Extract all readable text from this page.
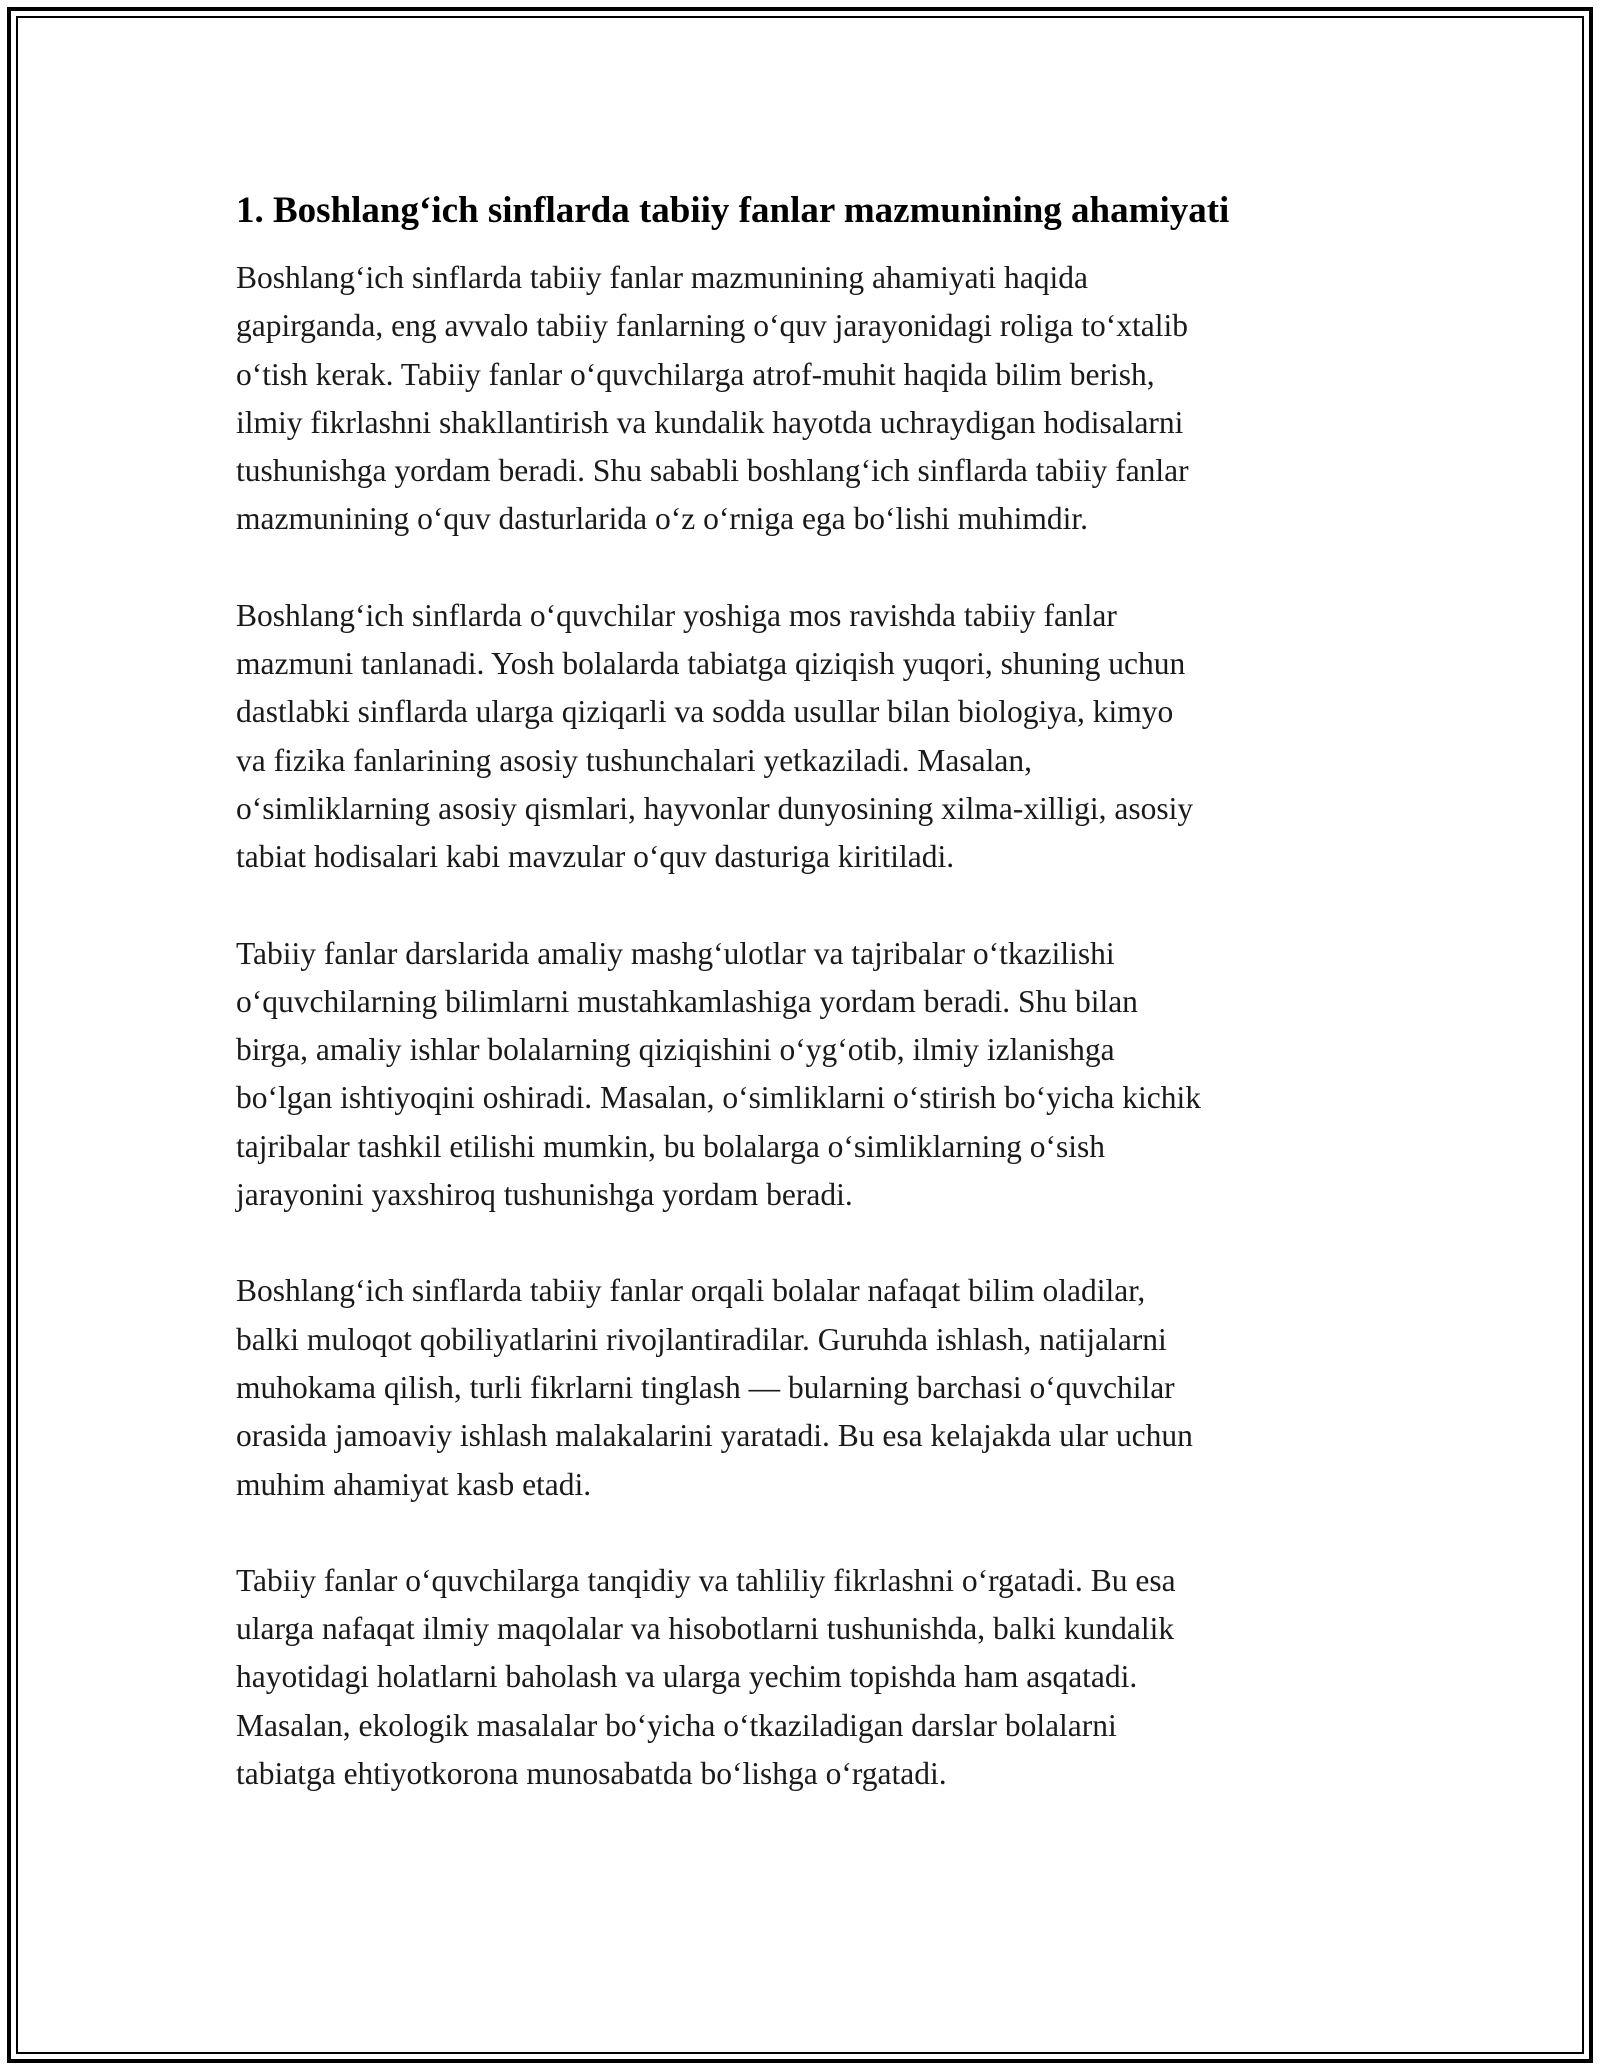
1. Boshlang‘ich sinflarda tabiiy fanlar mazmunining ahamiyati

Boshlang‘ich sinflarda tabiiy fanlar mazmunining ahamiyati haqida
gapirganda, eng avvalo tabiiy fanlarning o‘quv jarayonidagi roliga to‘xtalib
o‘tish kerak. Tabiiy fanlar o‘quvchilarga atrof-muhit haqida bilim berish,
ilmiy fikrlashni shakllantirish va kundalik hayotda uchraydigan hodisalarni
tushunishga yordam beradi. Shu sababli boshlang‘ich sinflarda tabiiy fanlar
mazmunining o‘quv dasturlarida o‘z o‘rniga ega bo‘lishi muhimdir.

Boshlang‘ich sinflarda o‘quvchilar yoshiga mos ravishda tabiiy fanlar
mazmuni tanlanadi. Yosh bolalarda tabiatga qiziqish yuqori, shuning uchun
dastlabki sinflarda ularga qiziqarli va sodda usullar bilan biologiya, kimyo
va fizika fanlarining asosiy tushunchalari yetkaziladi. Masalan,
o‘simliklarning asosiy qismlari, hayvonlar dunyosining xilma-xilligi, asosiy
tabiat hodisalari kabi mavzular o‘quv dasturiga kiritiladi.

Tabiiy fanlar darslarida amaliy mashg‘ulotlar va tajribalar o‘tkazilishi
o‘quvchilarning bilimlarni mustahkamlashiga yordam beradi. Shu bilan
birga, amaliy ishlar bolalarning qiziqishini o‘yg‘otib, ilmiy izlanishga
bo‘lgan ishtiyoqini oshiradi. Masalan, o‘simliklarni o‘stirish bo‘yicha kichik
tajribalar tashkil etilishi mumkin, bu bolalarga o‘simliklarning o‘sish
jarayonini yaxshiroq tushunishga yordam beradi.

Boshlang‘ich sinflarda tabiiy fanlar orqali bolalar nafaqat bilim oladilar,
balki muloqot qobiliyatlarini rivojlantiradilar. Guruhda ishlash, natijalarni
muhokama qilish, turli fikrlarni tinglash — bularning barchasi o‘quvchilar
orasida jamoaviy ishlash malakalarini yaratadi. Bu esa kelajakda ular uchun
muhim ahamiyat kasb etadi.

Tabiiy fanlar o‘quvchilarga tanqidiy va tahliliy fikrlashni o‘rgatadi. Bu esa
ularga nafaqat ilmiy maqolalar va hisobotlarni tushunishda, balki kundalik
hayotidagi holatlarni baholash va ularga yechim topishda ham asqatadi.
Masalan, ekologik masalalar bo‘yicha o‘tkaziladigan darslar bolalarni
tabiatga ehtiyotkorona munosabatda bo‘lishga o‘rgatadi.
